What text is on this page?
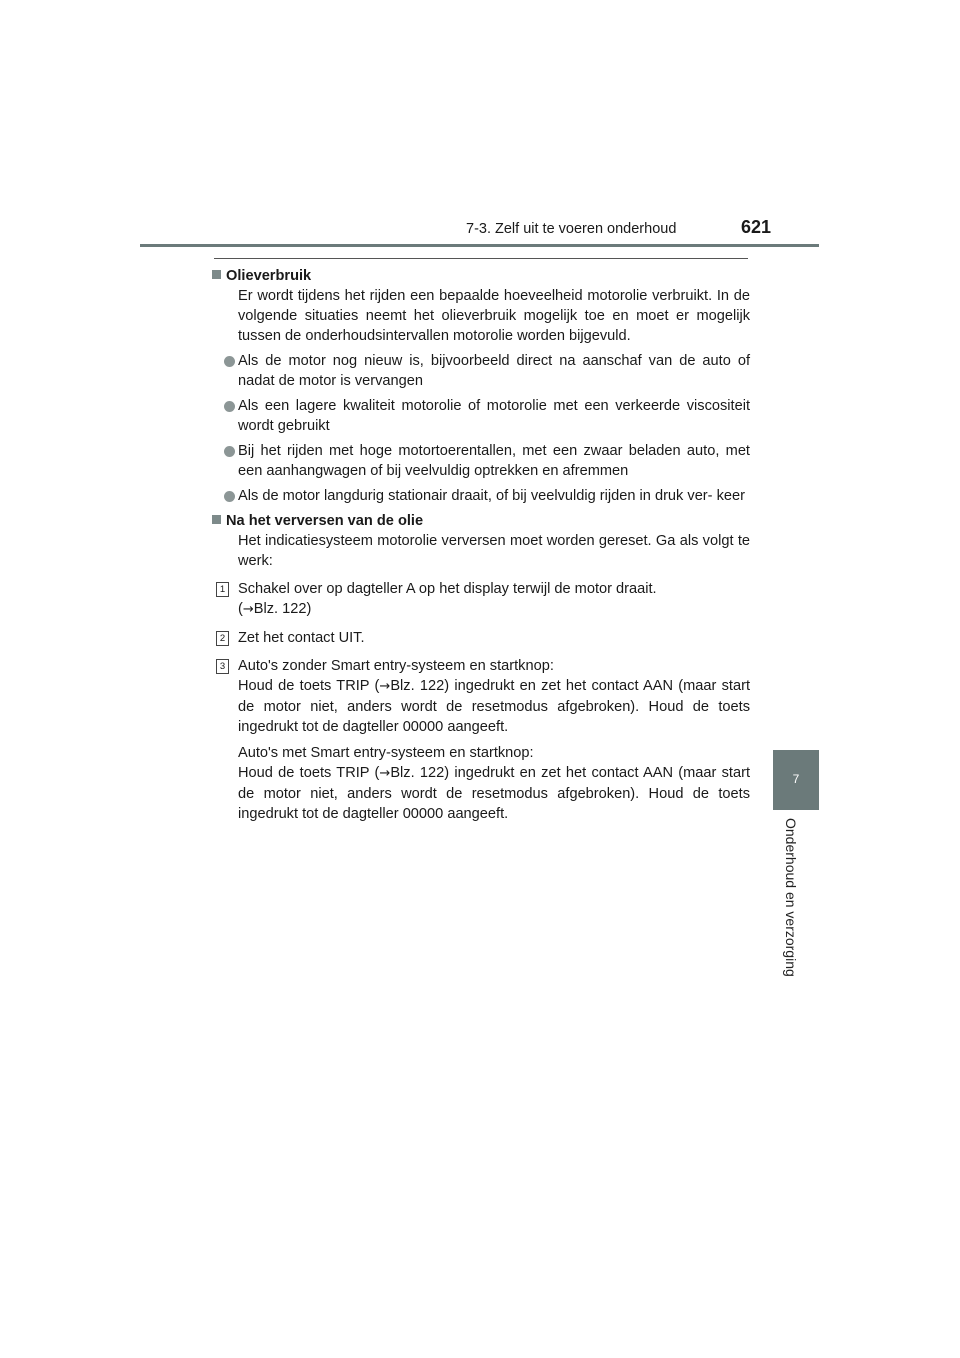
7-3. Zelf uit te voeren onderhoud	621
7
Onderhoud en verzorging

Olieverbruik

Er wordt tijdens het rijden een bepaalde hoeveelheid motorolie verbruikt. In de volgende situaties neemt het olieverbruik mogelijk toe en moet er mogelijk tussen de onderhoudsintervallen motorolie worden bijgevuld.

Als de motor nog nieuw is, bijvoorbeeld direct na aanschaf van de auto of nadat de motor is vervangen
Als een lagere kwaliteit motorolie of motorolie met een verkeerde viscositeit wordt gebruikt
Bij het rijden met hoge motortoerentallen, met een zwaar beladen auto, met een aanhangwagen of bij veelvuldig optrekken en afremmen
Als de motor langdurig stationair draait, of bij veelvuldig rijden in druk ver- keer

Na het verversen van de olie

Het indicatiesysteem motorolie verversen moet worden gereset. Ga als volgt te werk:

1 Schakel over op dagteller A op het display terwijl de motor draait.
(→Blz. 122)

2 Zet het contact UIT.

3 Auto's zonder Smart entry-systeem en startknop:
Houd de toets TRIP (→Blz. 122) ingedrukt en zet het contact AAN (maar start de motor niet, anders wordt de resetmodus afgebroken). Houd de toets ingedrukt tot de dagteller 00000 aangeeft.

Auto's met Smart entry-systeem en startknop:
Houd de toets TRIP (→Blz. 122) ingedrukt en zet het contact AAN (maar start de motor niet, anders wordt de resetmodus afgebroken). Houd de toets ingedrukt tot de dagteller 00000 aangeeft.
